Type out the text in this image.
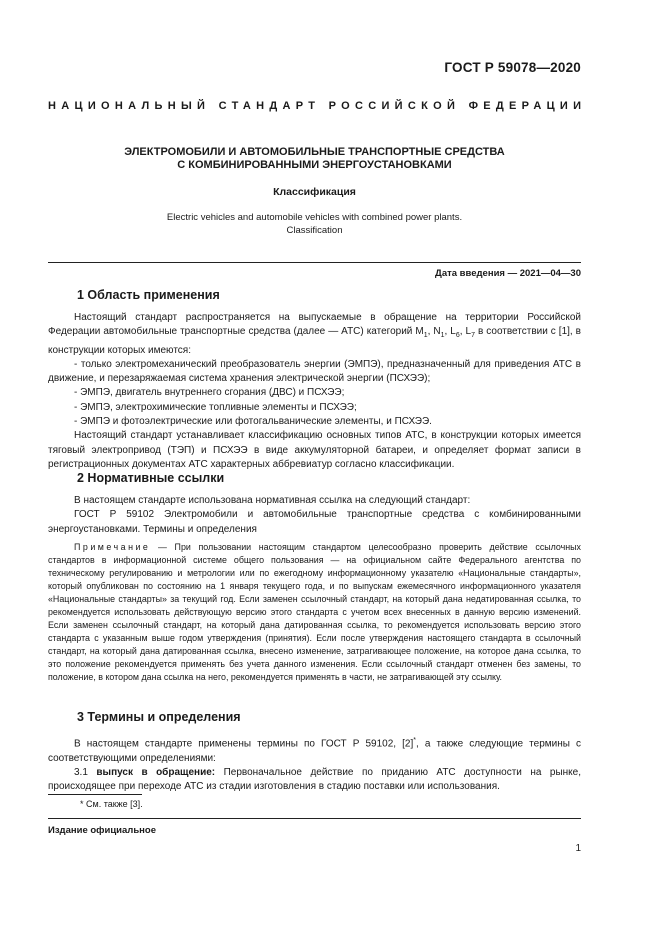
ГОСТ Р 59078—2020
НАЦИОНАЛЬНЫЙ СТАНДАРТ РОССИЙСКОЙ ФЕДЕРАЦИИ
ЭЛЕКТРОМОБИЛИ И АВТОМОБИЛЬНЫЕ ТРАНСПОРТНЫЕ СРЕДСТВА
С КОМБИНИРОВАННЫМИ ЭНЕРГОУСТАНОВКАМИ
Классификация
Electric vehicles and automobile vehicles with combined power plants.
Classification
Дата введения — 2021—04—30
1 Область применения
Настоящий стандарт распространяется на выпускаемые в обращение на территории Российской Федерации автомобильные транспортные средства (далее — АТС) категорий $M_1$, $N_1$, $L_6$, $L_7$ в соответствии с [1], в конструкции которых имеются:
- только электромеханический преобразователь энергии (ЭМПЭ), предназначенный для приведения АТС в движение, и перезаряжаемая система хранения электрической энергии (ПСХЭЭ);
- ЭМПЭ, двигатель внутреннего сгорания (ДВС) и ПСХЭЭ;
- ЭМПЭ, электрохимические топливные элементы и ПСХЭЭ;
- ЭМПЭ и фотоэлектрические или фотогальванические элементы, и ПСХЭЭ.
Настоящий стандарт устанавливает классификацию основных типов АТС, в конструкции которых имеется тяговый электропривод (ТЭП) и ПСХЭЭ в виде аккумуляторной батареи, и определяет формат записи в регистрационных документах АТС характерных аббревиатур согласно классификации.
2 Нормативные ссылки
В настоящем стандарте использована нормативная ссылка на следующий стандарт:
ГОСТ Р 59102 Электромобили и автомобильные транспортные средства с комбинированными энергоустановками. Термины и определения
Примечание — При пользовании настоящим стандартом целесообразно проверить действие ссылочных стандартов в информационной системе общего пользования — на официальном сайте Федерального агентства по техническому регулированию и метрологии или по ежегодному информационному указателю «Национальные стандарты», который опубликован по состоянию на 1 января текущего года, и по выпускам ежемесячного информационного указателя «Национальные стандарты» за текущий год. Если заменен ссылочный стандарт, на который дана недатированная ссылка, то рекомендуется использовать действующую версию этого стандарта с учетом всех внесенных в данную версию изменений. Если заменен ссылочный стандарт, на который дана датированная ссылка, то рекомендуется использовать версию этого стандарта с указанным выше годом утверждения (принятия). Если после утверждения настоящего стандарта в ссылочный стандарт, на который дана датированная ссылка, внесено изменение, затрагивающее положение, на которое дана ссылка, то это положение рекомендуется применять без учета данного изменения. Если ссылочный стандарт отменен без замены, то положение, в котором дана ссылка на него, рекомендуется применять в части, не затрагивающей эту ссылку.
3 Термины и определения
В настоящем стандарте применены термины по ГОСТ Р 59102, [2]*, а также следующие термины с соответствующими определениями:
3.1 выпуск в обращение: Первоначальное действие по приданию АТС доступности на рынке, происходящее при переходе АТС из стадии изготовления в стадию поставки или использования.
* См. также [3].
Издание официальное
1
